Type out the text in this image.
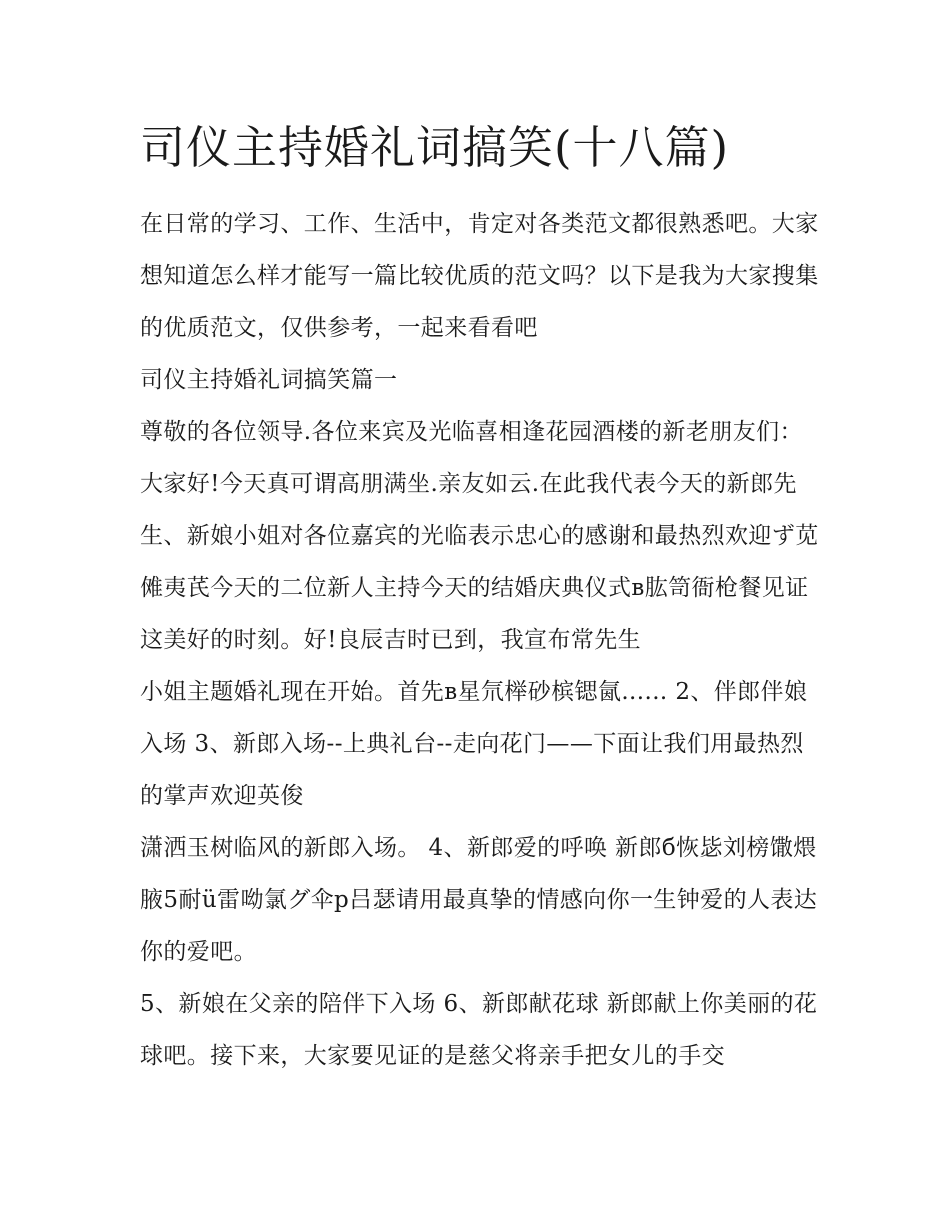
司仪主持婚礼词搞笑(十八篇)

在日常的学习、工作、生活中，肯定对各类范文都很熟悉吧。大家想知道怎么样才能写一篇比较优质的范文吗？以下是我为大家搜集的优质范文，仅供参考，一起来看看吧

司仪主持婚礼词搞笑篇一

尊敬的各位领导.各位来宾及光临喜相逢花园酒楼的新老朋友们：大家好!今天真可谓高朋满坐.亲友如云.在此我代表今天的新郎先生、新娘小姐对各位嘉宾的光临表示忠心的感谢和最热烈欢迎ず苋傩夷芪今天的二位新人主持今天的结婚庆典仪式в肱笥衙枪餐见证这美好的时刻。好!良辰吉时已到，我宣布常先生

小姐主题婚礼现在开始。首先в星氘榉砂槟锶氤...... 2、伴郎伴娘入场 3、新郎入场--上典礼台--走向花门——下面让我们用最热烈的掌声欢迎英俊

潇洒玉树临风的新郎入场。 4、新郎爱的呼唤 新郎б恢毖刘榜馓煨腋5耐ü雷呦氯グ伞p吕瑟请用最真挚的情感向你一生钟爱的人表达你的爱吧。

5、新娘在父亲的陪伴下入场 6、新郎献花球 新郎献上你美丽的花球吧。接下来，大家要见证的是慈父将亲手把女儿的手交
